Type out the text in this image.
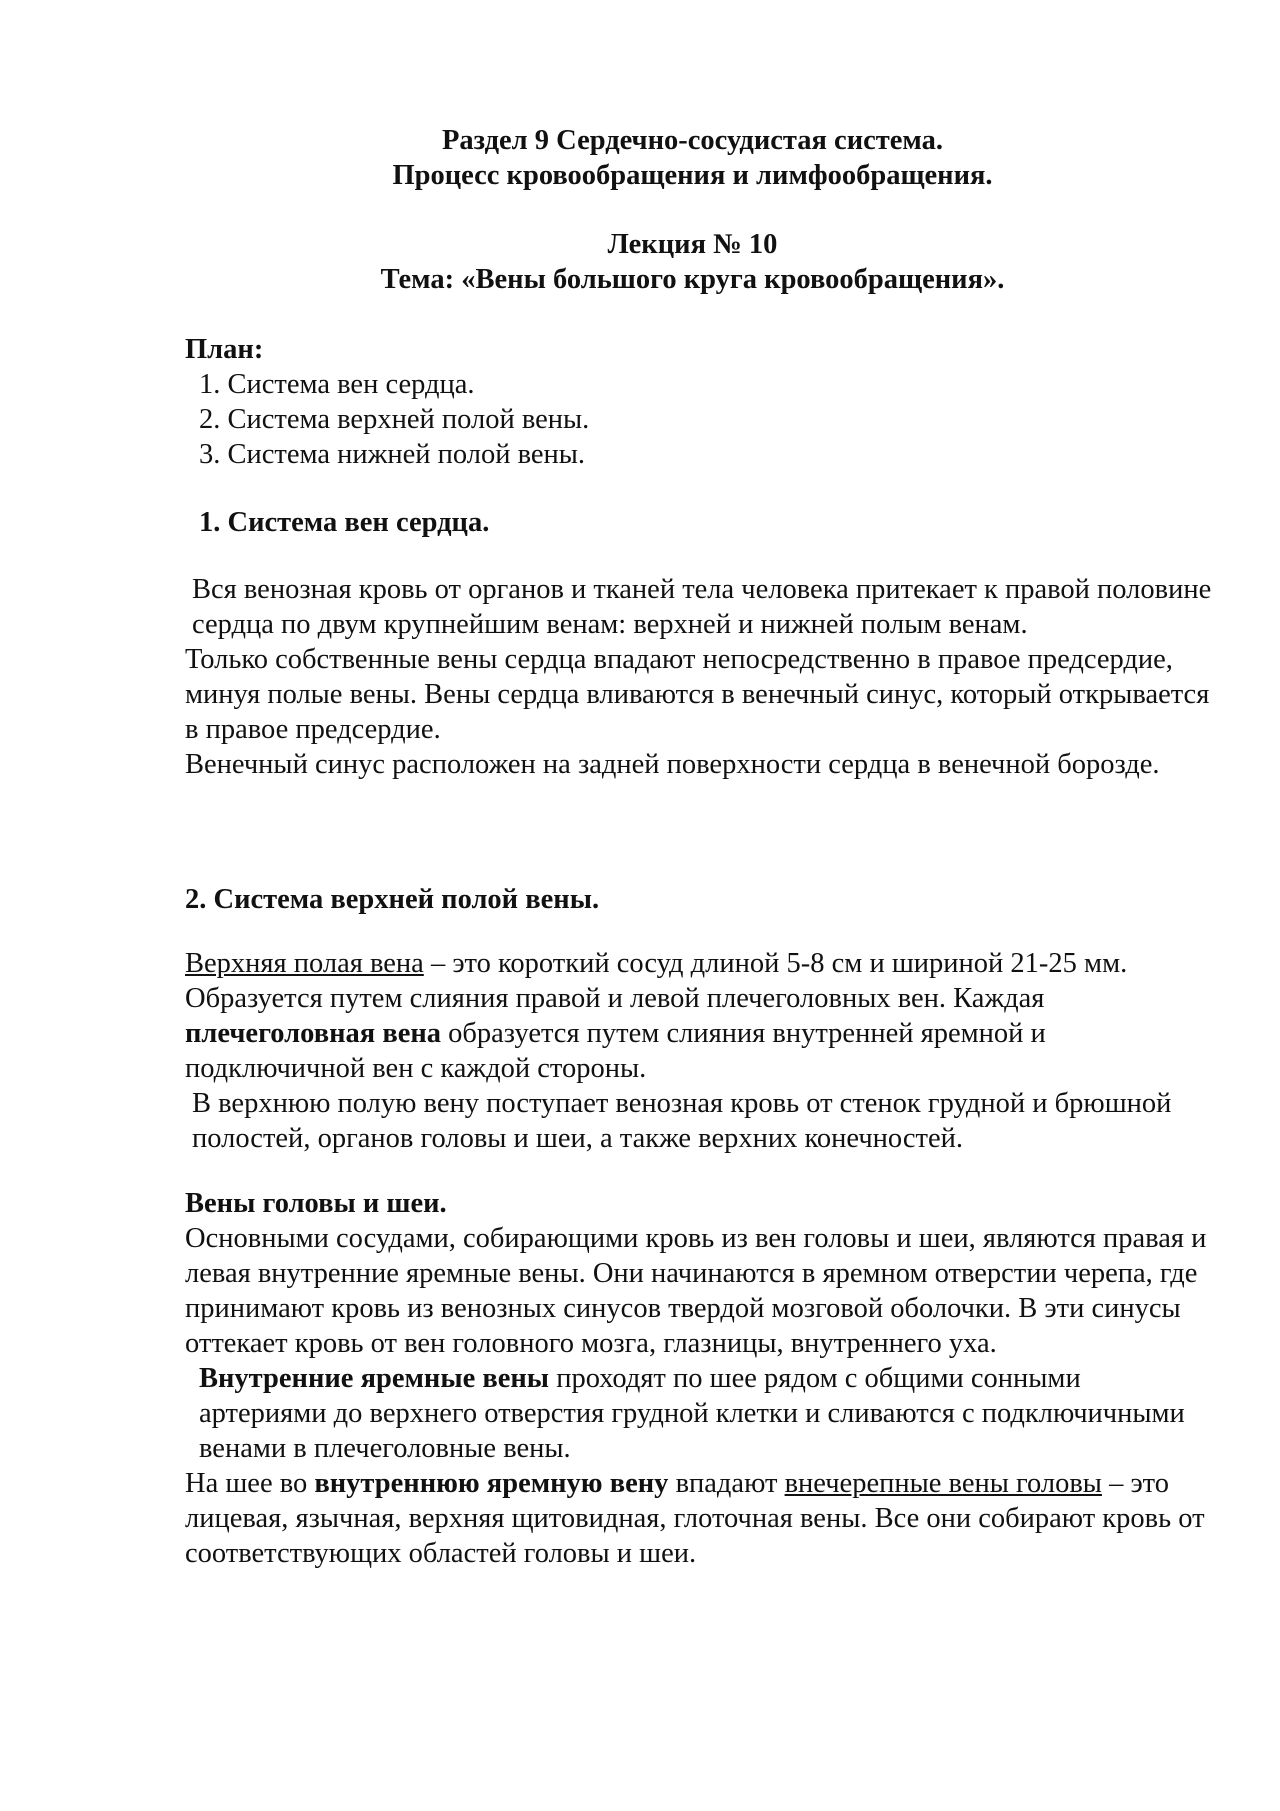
Раздел 9 Сердечно-сосудистая система.

Процесс кровообращения и лимфообращения.

Лекция № 10

Тема: «Вены большого круга кровообращения».

План:

1. Система вен сердца.

2. Система верхней полой вены.

3. Система нижней полой вены.

1. Система вен сердца.

Вся венозная кровь от органов и тканей тела человека притекает к правой половине сердца по двум крупнейшим венам: верхней и нижней полым венам.

Только собственные вены сердца впадают непосредственно в правое предсердие, минуя полые вены. Вены сердца вливаются в венечный синус, который открывается в правое предсердие.

Венечный синус расположен на задней поверхности сердца в венечной борозде.

2. Система верхней полой вены.

Верхняя полая вена – это короткий сосуд длиной 5-8 см и шириной 21-25 мм. Образуется путем слияния правой и левой плечеголовных вен. Каждая плечеголовная вена образуется путем слияния внутренней яремной и подключичной вен с каждой стороны.

В верхнюю полую вену поступает венозная кровь от стенок грудной и брюшной полостей, органов головы и шеи, а также верхних конечностей.

Вены головы и шеи.

Основными сосудами, собирающими кровь из вен головы и шеи, являются правая и левая внутренние яремные вены. Они начинаются в яремном отверстии черепа, где принимают кровь из венозных синусов твердой мозговой оболочки. В эти синусы оттекает кровь от вен головного мозга, глазницы, внутреннего уха.

Внутренние яремные вены проходят по шее рядом с общими сонными артериями до верхнего отверстия грудной клетки и сливаются с подключичными венами в плечеголовные вены.

На шее во внутреннюю яремную вену впадают внечерепные вены головы – это лицевая, язычная, верхняя щитовидная, глоточная вены. Все они собирают кровь от соответствующих областей головы и шеи.
